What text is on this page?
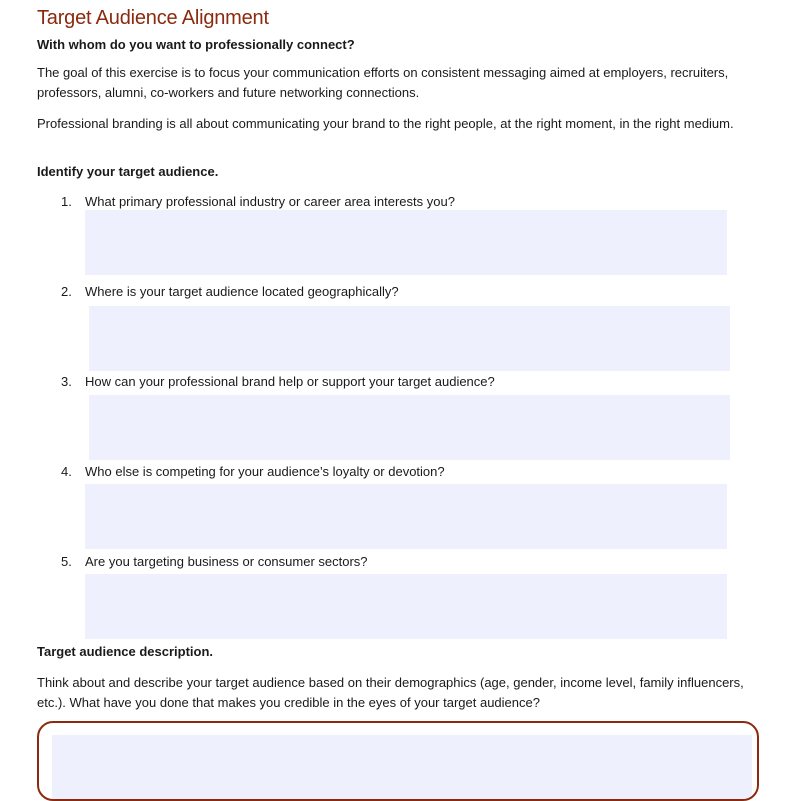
Target Audience Alignment
With whom do you want to professionally connect?
The goal of this exercise is to focus your communication efforts on consistent messaging aimed at employers, recruiters, professors, alumni, co-workers and future networking connections.
Professional branding is all about communicating your brand to the right people, at the right moment, in the right medium.
Identify your target audience.
1. What primary professional industry or career area interests you?
2. Where is your target audience located geographically?
3. How can your professional brand help or support your target audience?
4. Who else is competing for your audience’s loyalty or devotion?
5. Are you targeting business or consumer sectors?
Target audience description.
Think about and describe your target audience based on their demographics (age, gender, income level, family influencers, etc.). What have you done that makes you credible in the eyes of your target audience?
